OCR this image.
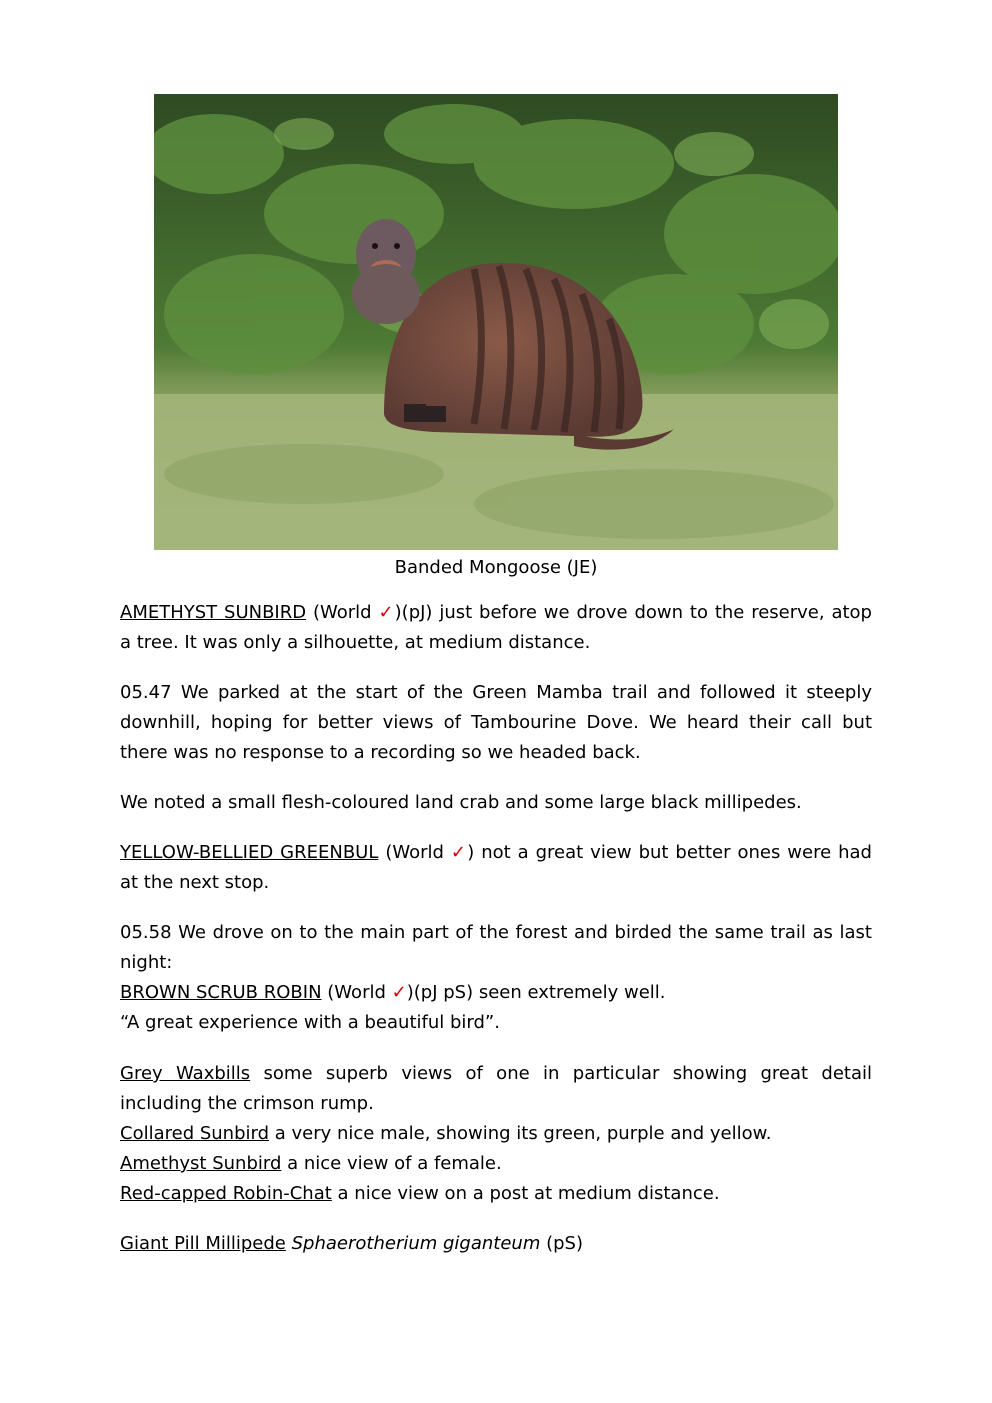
Banded Mongoose (JE)

AMETHYST SUNBIRD (World ✓)(pJ) just before we drove down to the reserve, atop a tree. It was only a silhouette, at medium distance.

05.47 We parked at the start of the Green Mamba trail and followed it steeply downhill, hoping for better views of Tambourine Dove. We heard their call but there was no response to a recording so we headed back.

We noted a small flesh-coloured land crab and some large black millipedes.

YELLOW-BELLIED GREENBUL (World ✓) not a great view but better ones were had at the next stop.

05.58 We drove on to the main part of the forest and birded the same trail as last night:

BROWN SCRUB ROBIN (World ✓)(pJ pS) seen extremely well.

“A great experience with a beautiful bird”.

Grey Waxbills some superb views of one in particular showing great detail including the crimson rump.

Collared Sunbird a very nice male, showing its green, purple and yellow.

Amethyst Sunbird a nice view of a female.

Red-capped Robin-Chat a nice view on a post at medium distance.

Giant Pill Millipede Sphaerotherium giganteum (pS)
